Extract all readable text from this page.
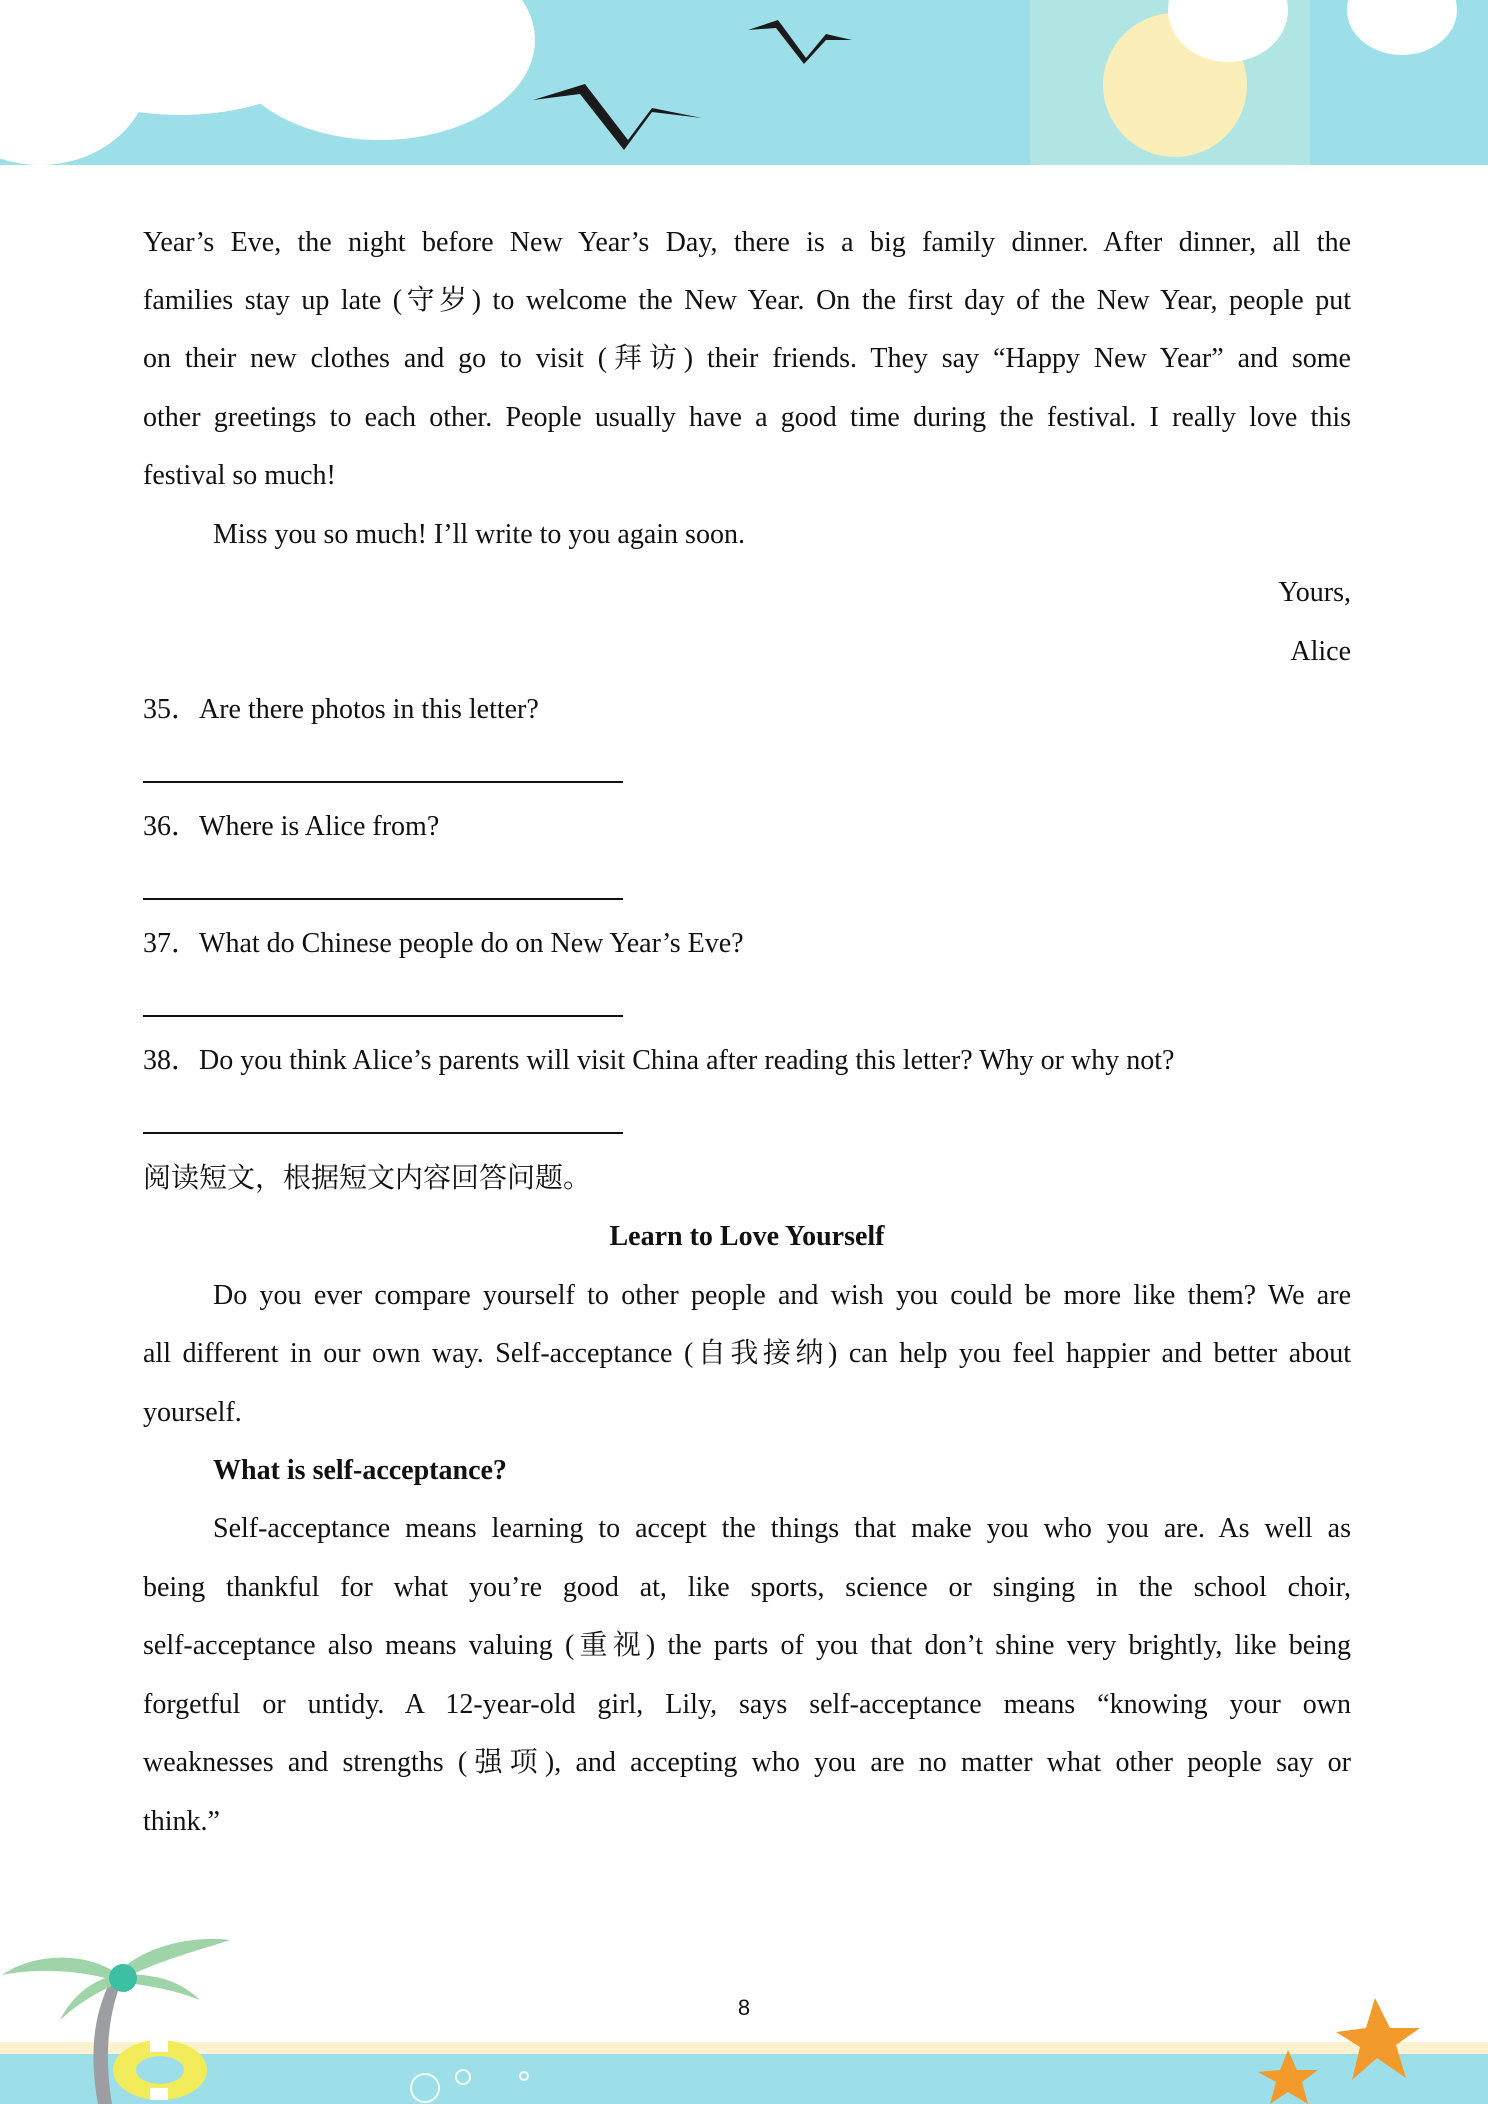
Year’s Eve, the night before New Year’s Day, there is a big family dinner. After dinner, all the
families stay up late (守岁) to welcome the New Year. On the first day of the New Year, people put
on their new clothes and go to visit (拜访) their friends. They say “Happy New Year” and some
other greetings to each other. People usually have a good time during the festival. I really love this
festival so much!
Miss you so much! I’ll write to you again soon.
Yours,
Alice
35．Are there photos in this letter?
36．Where is Alice from?
37．What do Chinese people do on New Year’s Eve?
38．Do you think Alice’s parents will visit China after reading this letter? Why or why not?
阅读短文，根据短文内容回答问题。
Learn to Love Yourself
Do you ever compare yourself to other people and wish you could be more like them? We are
all different in our own way. Self-acceptance (自我接纳) can help you feel happier and better about
yourself.
What is self-acceptance?
Self-acceptance means learning to accept the things that make you who you are. As well as
being thankful for what you’re good at, like sports, science or singing in the school choir,
self-acceptance also means valuing (重视) the parts of you that don’t shine very brightly, like being
forgetful or untidy. A 12-year-old girl, Lily, says self-acceptance means “knowing your own
weaknesses and strengths (强项), and accepting who you are no matter what other people say or
think.”
8
